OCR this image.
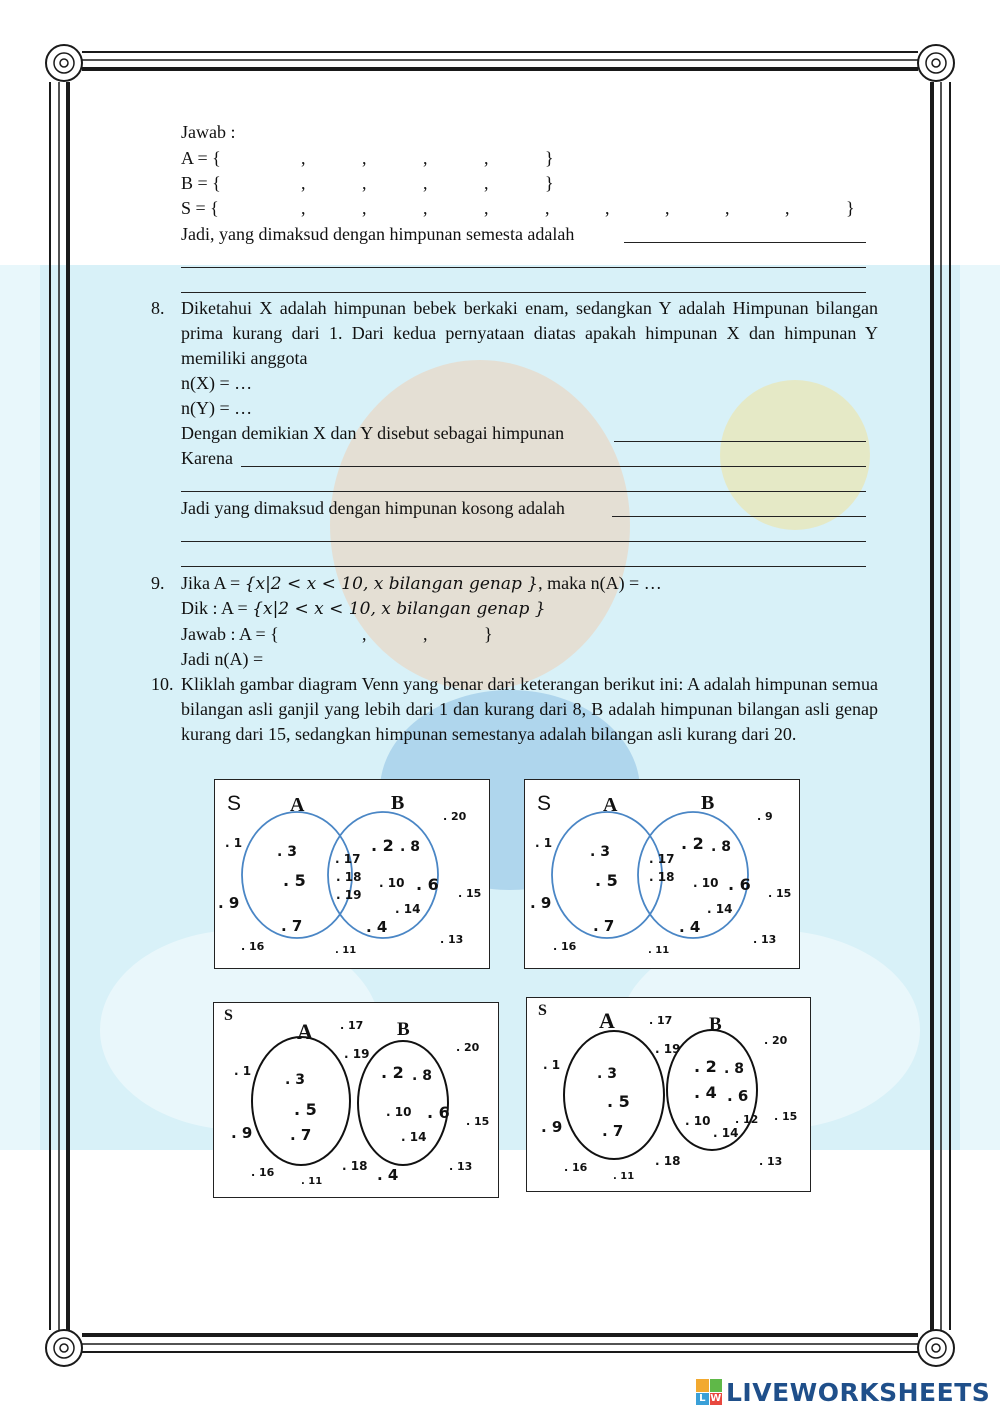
Jawab :
A = {	,	,	,	,	}
B = {	,	,	,	,	}
S = {	,	,	,	,	,	,	,	,	,	}
Jadi, yang dimaksud dengan himpunan semesta adalah
8. Diketahui X adalah himpunan bebek berkaki enam, sedangkan Y adalah Himpunan bilangan prima kurang dari 1. Dari kedua pernyataan diatas apakah himpunan X dan himpunan Y memiliki anggota
n(X) = …
n(Y) = …
Dengan demikian X dan Y disebut sebagai himpunan
Karena
Jadi yang dimaksud dengan himpunan kosong adalah
9. Jika A = {x|2 < x < 10, x bilangan genap }, maka n(A) = …
Dik : A = {x|2 < x < 10, x bilangan genap }
Jawab : A = {	,	,	}
Jadi n(A) =
10. Kliklah gambar diagram Venn yang benar dari keterangan berikut ini: A adalah himpunan semua bilangan asli ganjil yang lebih dari 1 dan kurang dari 8, B adalah himpunan bilangan asli genap kurang dari 15, sedangkan himpunan semestanya adalah bilangan asli kurang dari 20.
S A	B
. 20
. 1
. 3	. 17
. 2 . 8
. 5	. 18 . 10 . 6
. 19	. 15
. 9	. 14
. 7	. 4
. 16	. 11
. 13
S	A	B
. 9
. 1
. 3	. 17
. 2 . 8
. 5	. 18 . 10 . 6 . 15
. 9	. 14
. 7	. 4
. 16	. 11
. 13
S
A	B
. 17
. 19	. 20
. 1
. 3	. 2 . 8
. 5	. 10 . 6 . 15
. 9	. 7	. 14
. 16	. 18 . 4	. 13
. 11
S A	B
. 17
. 19
. 20
. 1
. 3	. 2 . 8
. 4 . 6
. 5
. 15
. 10 . 12
. 9	. 7	. 14
. 18	. 13
. 16
. 11
L W LIVEWORKSHEETS
